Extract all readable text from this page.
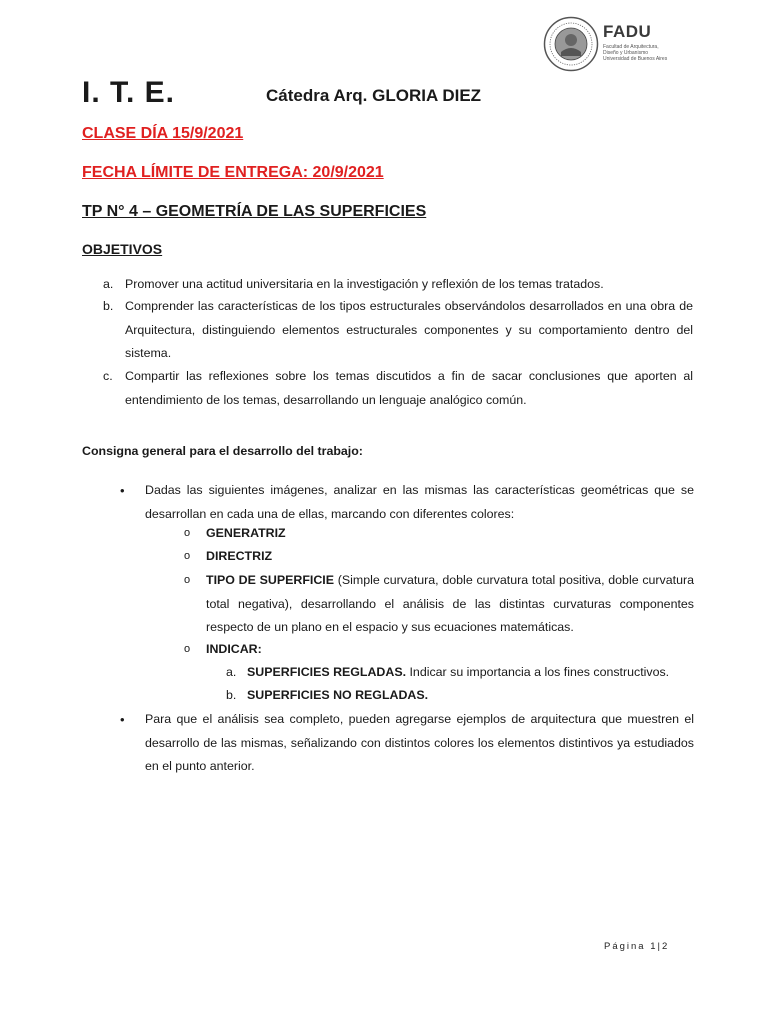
FADU
Facultad de Arquitectura,
Diseño y Urbanismo
Universidad de Buenos Aires
I. T. E.	Cátedra Arq. GLORIA DIEZ
CLASE DÍA 15/9/2021
FECHA LÍMITE DE ENTREGA: 20/9/2021
TP N° 4 – GEOMETRÍA DE LAS SUPERFICIES
OBJETIVOS
a. Promover una actitud universitaria en la investigación y reflexión de los temas tratados.
b. Comprender las características de los tipos estructurales observándolos desarrollados en una obra de Arquitectura, distinguiendo elementos estructurales componentes y su comportamiento dentro del sistema.
c. Compartir las reflexiones sobre los temas discutidos a fin de sacar conclusiones que aporten al entendimiento de los temas, desarrollando un lenguaje analógico común.
Consigna general para el desarrollo del trabajo:
• Dadas las siguientes imágenes, analizar en las mismas las características geométricas que se desarrollan en cada una de ellas, marcando con diferentes colores:
o GENERATRIZ
o DIRECTRIZ
o TIPO DE SUPERFICIE (Simple curvatura, doble curvatura total positiva, doble curvatura total negativa), desarrollando el análisis de las distintas curvaturas componentes respecto de un plano en el espacio y sus ecuaciones matemáticas.
o INDICAR:
a. SUPERFICIES REGLADAS. Indicar su importancia a los fines constructivos.
b. SUPERFICIES NO REGLADAS.
• Para que el análisis sea completo, pueden agregarse ejemplos de arquitectura que muestren el desarrollo de las mismas, señalizando con distintos colores los elementos distintivos ya estudiados en el punto anterior.
Página 1|2
